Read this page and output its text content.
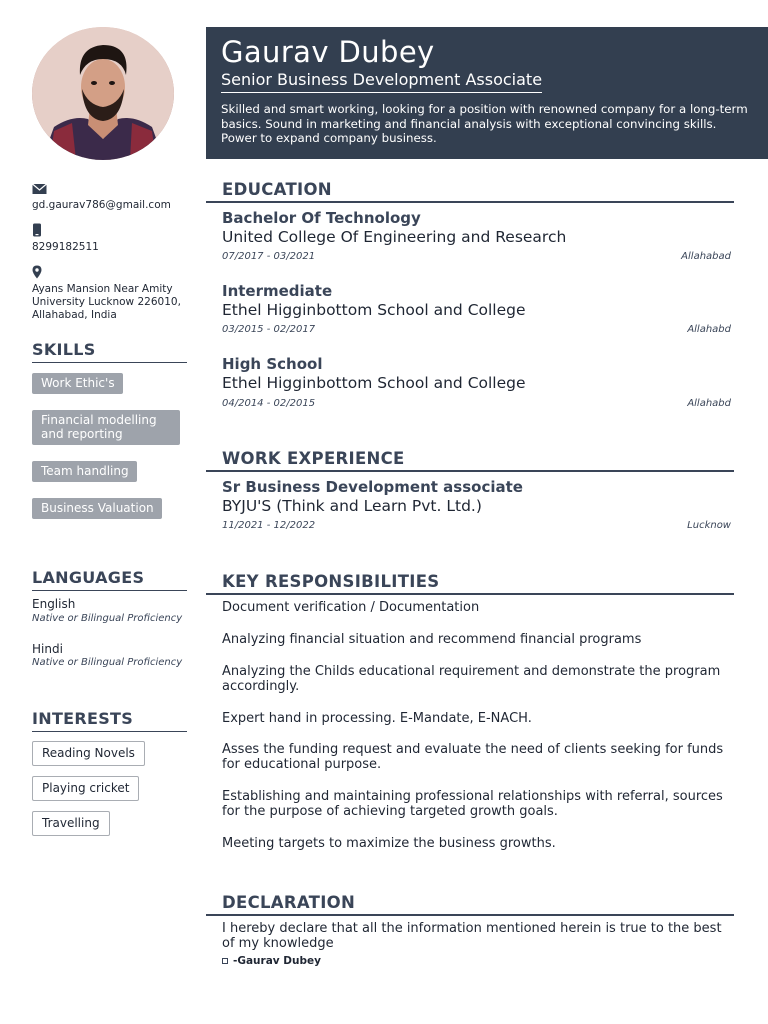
gd.gaurav786@gmail.com
8299182511
Ayans Mansion Near Amity University Lucknow 226010, Allahabad, India
SKILLS
Work Ethic's
Financial modelling and reporting
Team handling
Business Valuation
LANGUAGES
English
Native or Bilingual Proficiency
Hindi
Native or Bilingual Proficiency
INTERESTS
Reading Novels
Playing cricket
Travelling
Gaurav Dubey
Senior Business Development Associate
Skilled and smart working, looking for a position with renowned company for a long-term basics. Sound in marketing and financial analysis with exceptional convincing skills. Power to expand company business.
EDUCATION
Bachelor Of Technology
United College Of Engineering and Research
07/2017 - 03/2021	Allahabad
Intermediate
Ethel Higginbottom School and College
03/2015 - 02/2017	Allahabd
High School
Ethel Higginbottom School and College
04/2014 - 02/2015	Allahabd
WORK EXPERIENCE
Sr Business Development associate
BYJU'S (Think and Learn Pvt. Ltd.)
11/2021 - 12/2022	Lucknow
KEY RESPONSIBILITIES
Document verification / Documentation
Analyzing financial situation and recommend financial programs
Analyzing the Childs educational requirement and demonstrate the program accordingly.
Expert hand in processing. E-Mandate, E-NACH.
Asses the funding request and evaluate the need of clients seeking for funds for educational purpose.
Establishing and maintaining professional relationships with referral, sources for the purpose of achieving targeted growth goals.
Meeting targets to maximize the business growths.
DECLARATION
I hereby declare that all the information mentioned herein is true to the best of my knowledge
-Gaurav Dubey
